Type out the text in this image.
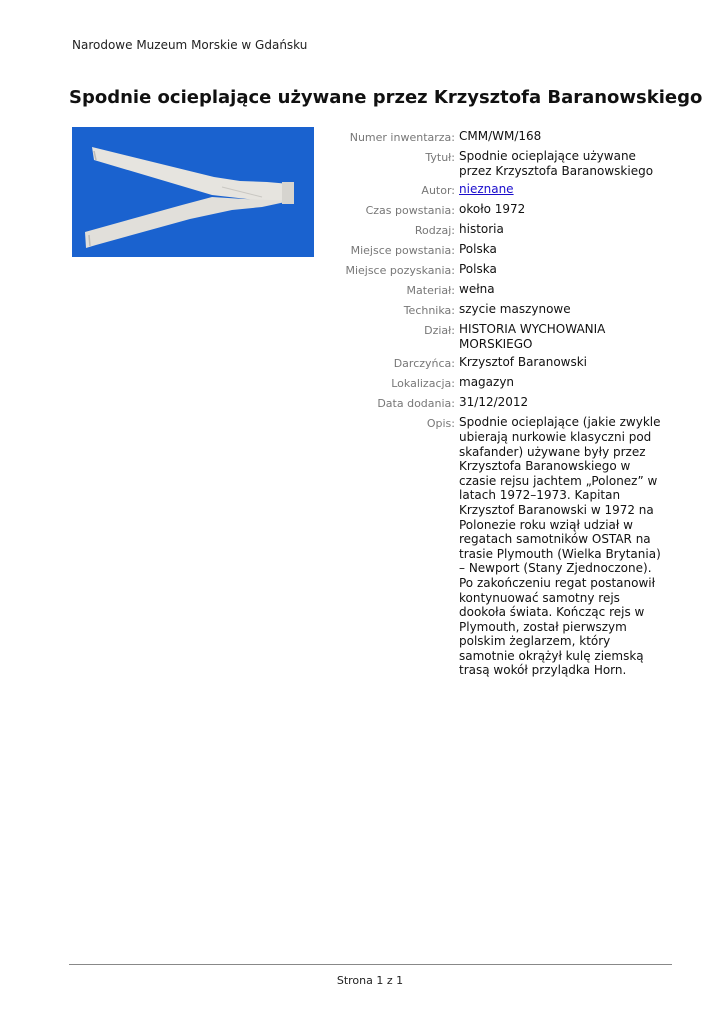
Narodowe Muzeum Morskie w Gdańsku
Spodnie ocieplające używane przez Krzysztofa Baranowskiego
Numer inwentarza: CMM/WM/168
Tytuł: Spodnie ocieplające używane przez Krzysztofa Baranowskiego
Autor: nieznane
Czas powstania: około 1972
Rodzaj: historia
Miejsce powstania: Polska
Miejsce pozyskania: Polska
Materiał: wełna
Technika: szycie maszynowe
Dział: HISTORIA WYCHOWANIA MORSKIEGO
Darczyńca: Krzysztof Baranowski
Lokalizacja: magazyn
Data dodania: 31/12/2012
Opis: Spodnie ocieplające (jakie zwykle ubierają nurkowie klasyczni pod skafander) używane były przez Krzysztofa Baranowskiego w czasie rejsu jachtem „Polonez” w latach 1972–1973. Kapitan Krzysztof Baranowski w 1972 na Polonezie roku wziął udział w regatach samotników OSTAR na trasie Plymouth (Wielka Brytania) – Newport (Stany Zjednoczone). Po zakończeniu regat postanowił kontynuować samotny rejs dookoła świata. Kończąc rejs w Plymouth, został pierwszym polskim żeglarzem, który samotnie okrążył kulę ziemską trasą wokół przylądka Horn.
Strona 1 z 1
